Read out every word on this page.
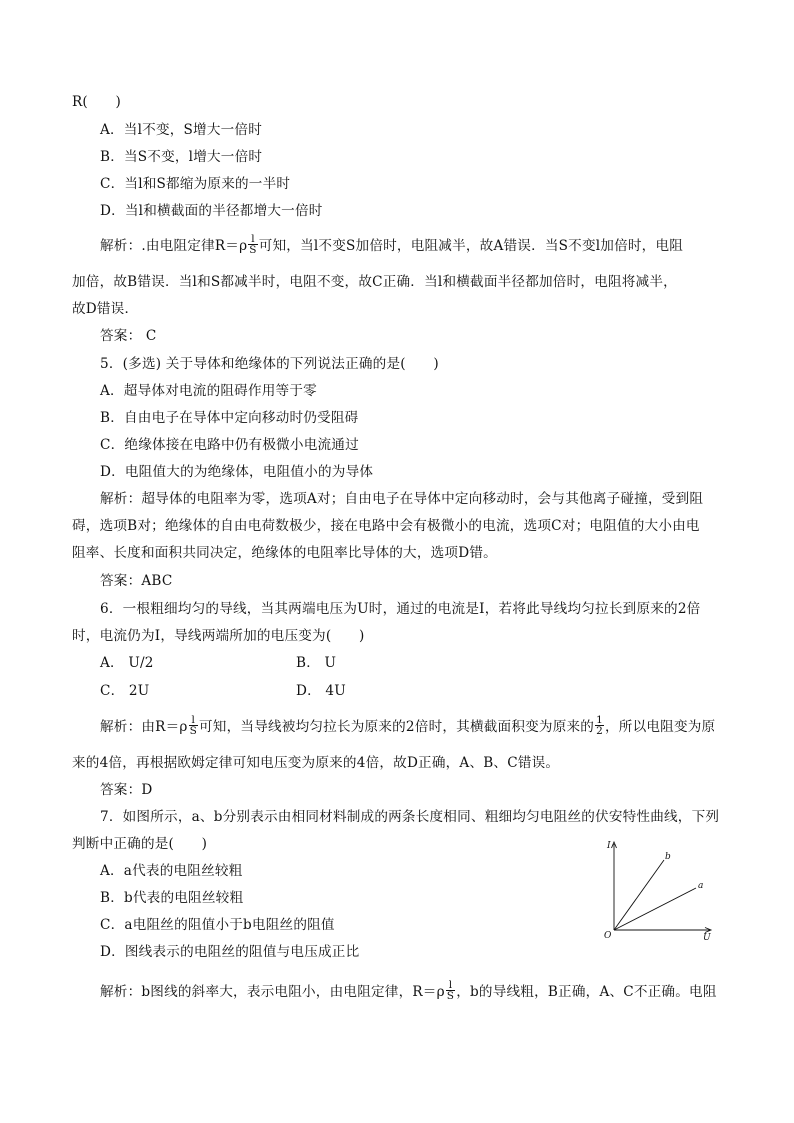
R(　　)
A．当l不变，S增大一倍时
B．当S不变，l增大一倍时
C．当l和S都缩为原来的一半时
D．当l和横截面的半径都增大一倍时
解析：.由电阻定律$R=\rho \frac{l}{S}$ 可知，当l不变S加倍时，电阻减半，故A错误．当S不变l加倍时，电阻
加倍，故B错误．当l和S都减半时，电阻不变，故C正确．当l和横截面半径都加倍时，电阻将减半，
故D错误．
答案： C
5．(多选) 关于导体和绝缘体的下列说法正确的是(　　)
A．超导体对电流的阻碍作用等于零
B．自由电子在导体中定向移动时仍受阻碍
C．绝缘体接在电路中仍有极微小电流通过
D．电阻值大的为绝缘体，电阻值小的为导体
解析：超导体的电阻率为零，选项A对；自由电子在导体中定向移动时，会与其他离子碰撞，受到阻
碍，选项B对；绝缘体的自由电荷数极少，接在电路中会有极微小的电流，选项C对；电阻值的大小由电
阻率、长度和面积共同决定，绝缘体的电阻率比导体的大，选项D错。
答案：ABC
6．一根粗细均匀的导线，当其两端电压为U时，通过的电流是I，若将此导线均匀拉长到原来的2倍
时，电流仍为I，导线两端所加的电压变为(　　)
A． U/2	B． U
C． 2U	D． 4U
解析：由$R=\rho \frac{l}{S}$ 可知，当导线被均匀拉长为原来的2倍时，其横截面积变为原来的 $\frac{1}{2}$ ，所以电阻变为原
来的4倍，再根据欧姆定律可知电压变为原来的4倍，故D正确，A、B、C错误。
答案：D
7．如图所示，a、b分别表示由相同材料制成的两条长度相同、粗细均匀电阻丝的伏安特性曲线，下列
判断中正确的是(　　)
A．a代表的电阻丝较粗
B．b代表的电阻丝较粗
C．a电阻丝的阻值小于b电阻丝的阻值
D．图线表示的电阻丝的阻值与电压成正比
I
U
O
b
a
解析：b图线的斜率大，表示电阻小，由电阻定律，$R=\rho \frac{l}{S}$ ，b的导线粗，B正确，A、C不正确。电阻
